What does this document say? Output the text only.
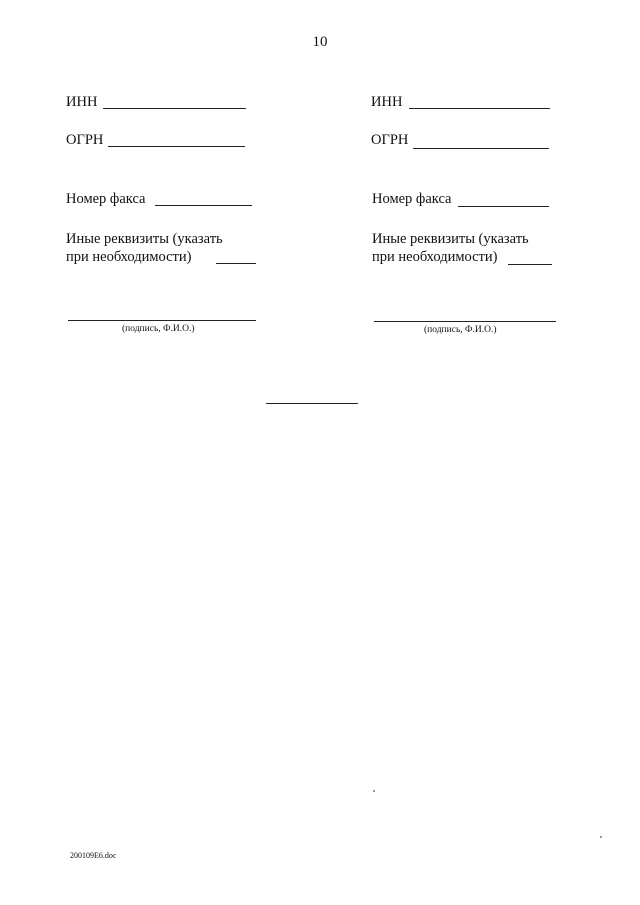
10
ИНН
ОГРН
Номер факса
Иные реквизиты (указать
при необходимости)
(подпись, Ф.И.О.)
ИНН
ОГРН
Номер факса
Иные реквизиты (указать
при необходимости)
(подпись, Ф.И.О.)
200109E6.doc
